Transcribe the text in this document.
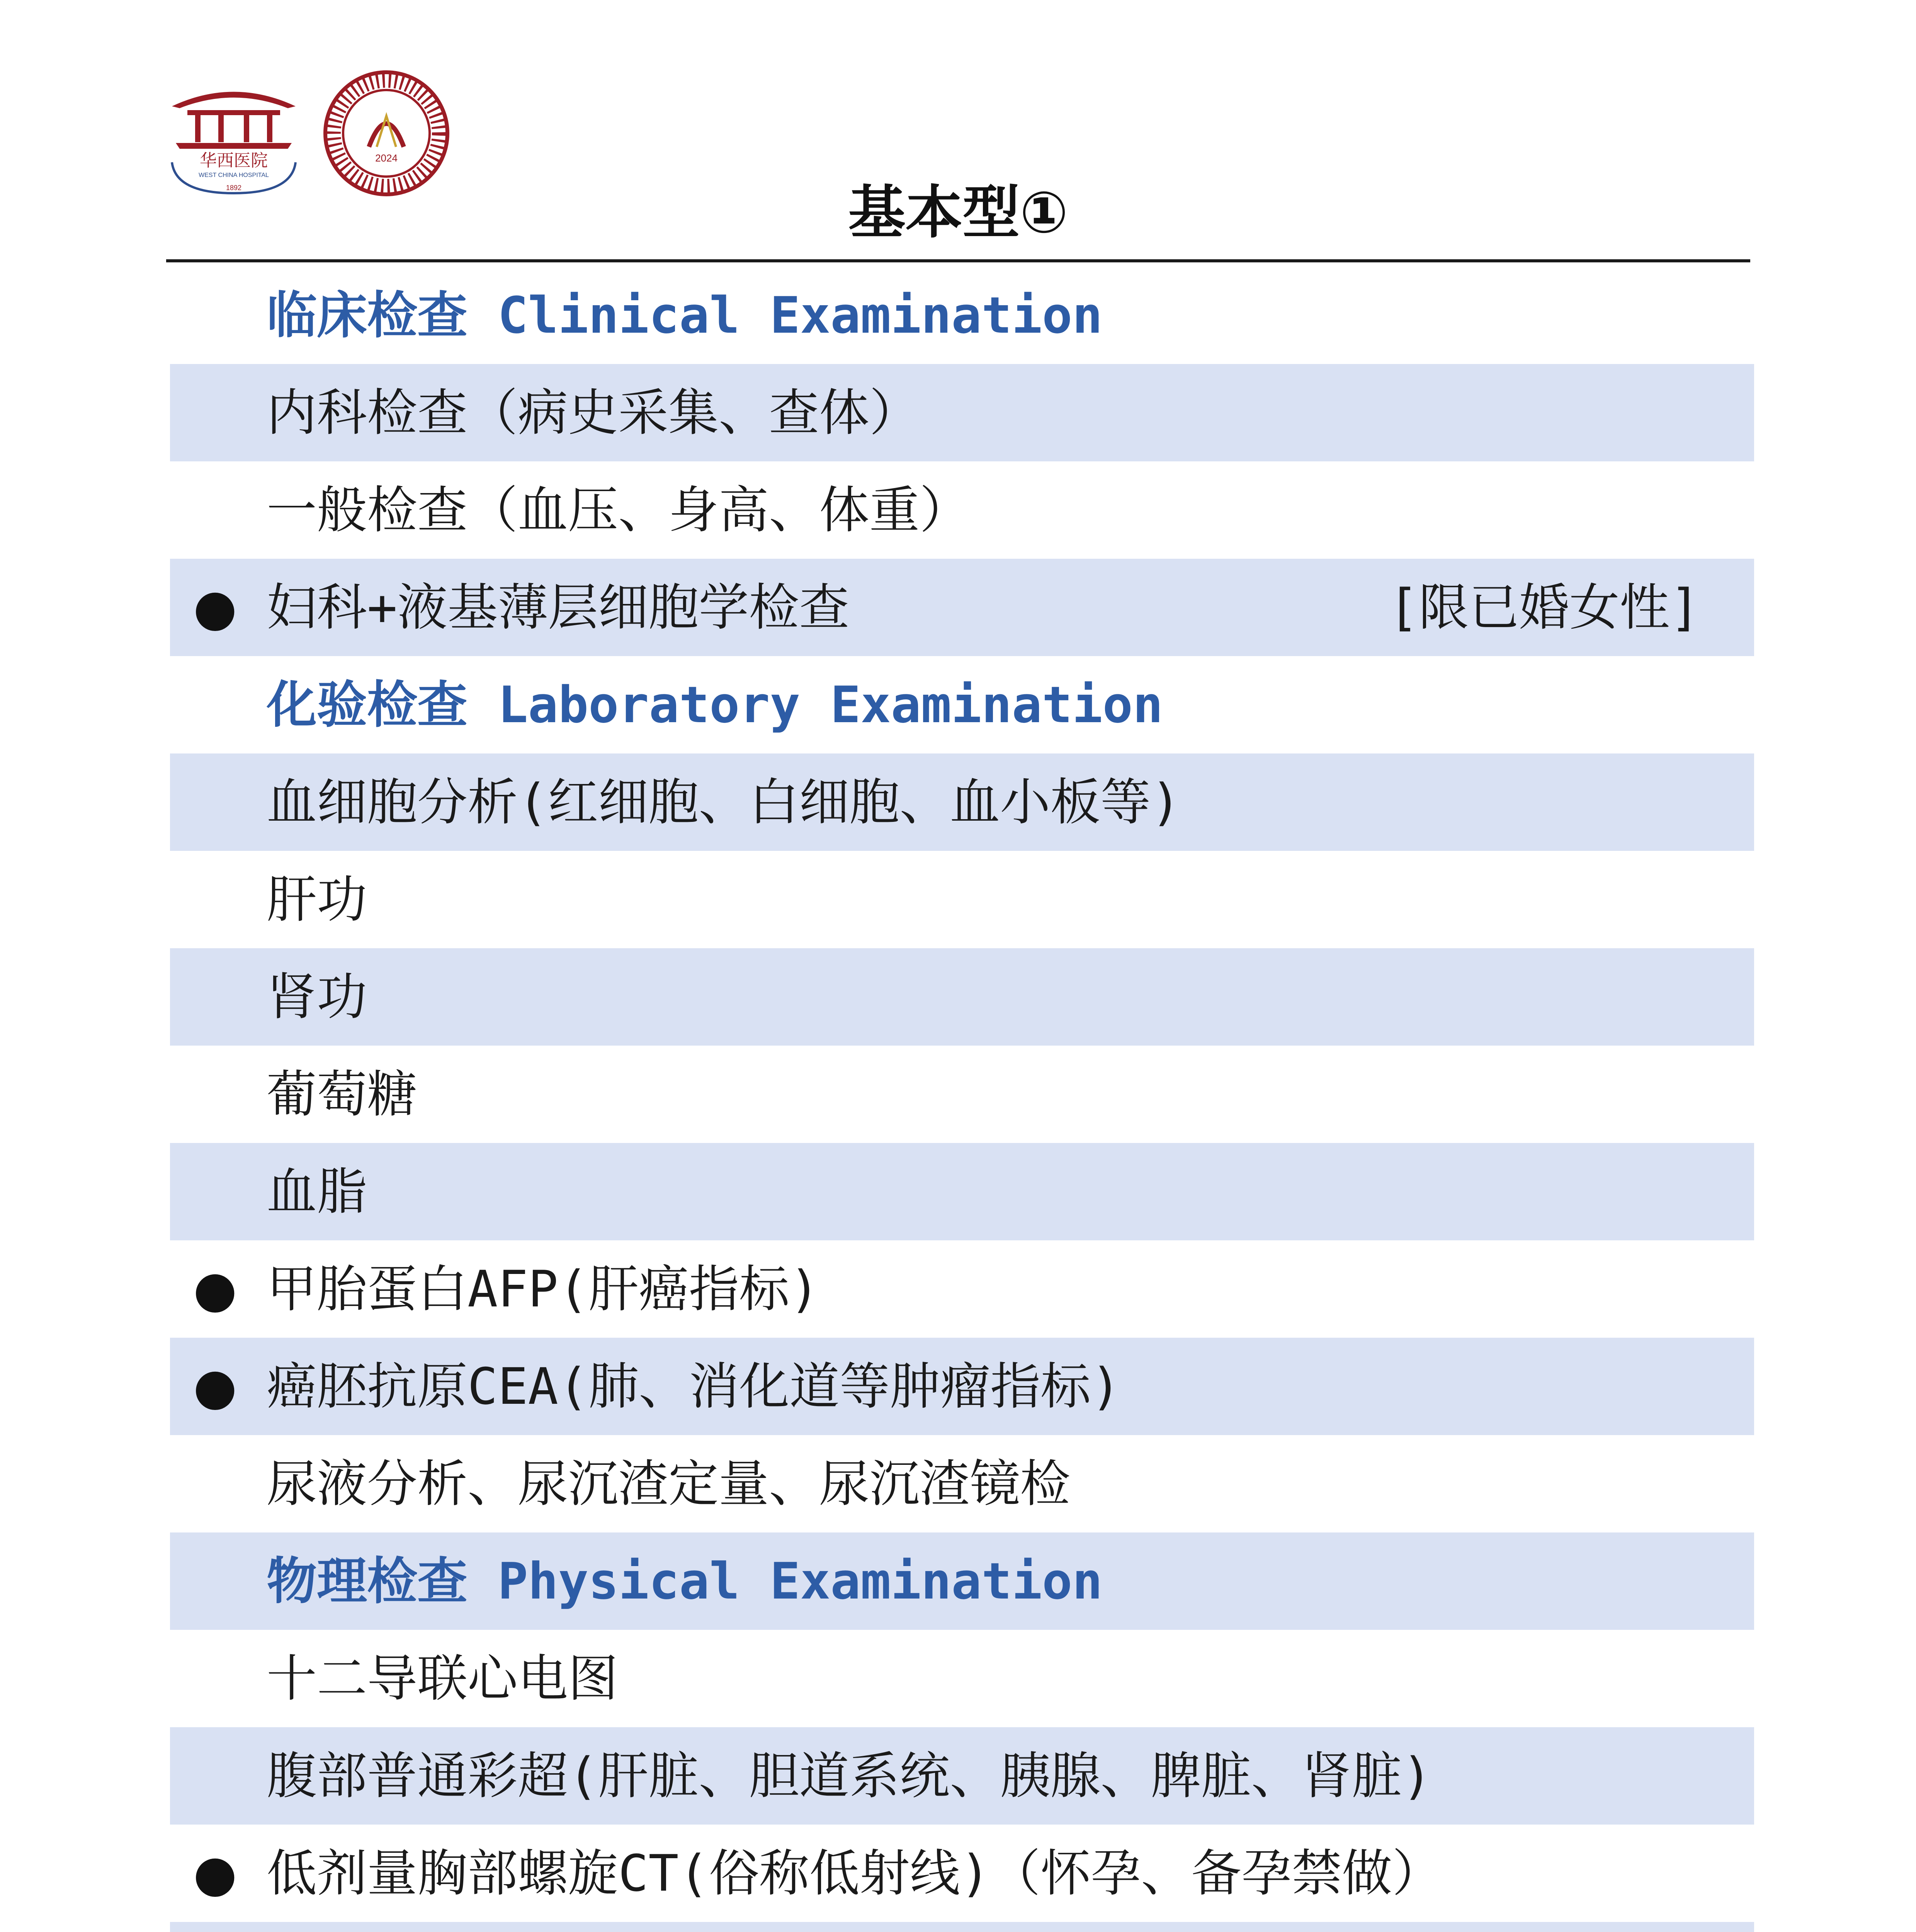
华西医院
WEST CHINA HOSPITAL
1892
2024
基本型①
临床检查 Clinical Examination
内科检查（病史采集、查体）
一般检查（血压、身高、体重）
● 妇科+液基薄层细胞学检查	[限已婚女性]
化验检查 Laboratory Examination
血细胞分析(红细胞、白细胞、血小板等)
肝功
肾功
葡萄糖
血脂
● 甲胎蛋白AFP(肝癌指标)
● 癌胚抗原CEA(肺、消化道等肿瘤指标)
尿液分析、尿沉渣定量、尿沉渣镜检
物理检查 Physical Examination
十二导联心电图
腹部普通彩超(肝脏、胆道系统、胰腺、脾脏、肾脏)
● 低剂量胸部螺旋CT(俗称低射线)（怀孕、备孕禁做）
